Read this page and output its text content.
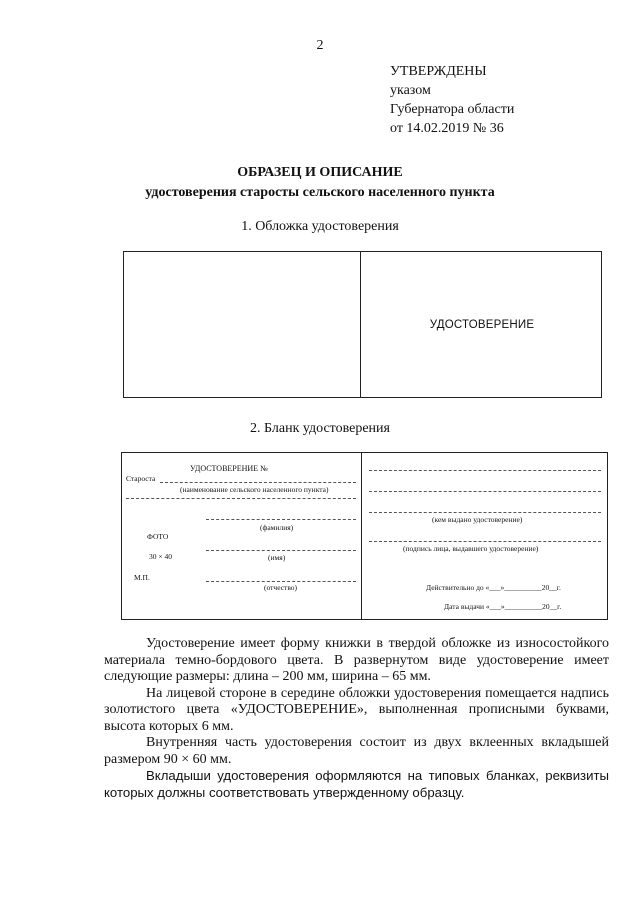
2
УТВЕРЖДЕНЫ
указом
Губернатора области
от 14.02.2019 № 36
ОБРАЗЕЦ И ОПИСАНИЕ
удостоверения старосты сельского населенного пункта
1. Обложка удостоверения
УДОСТОВЕРЕНИЕ
2. Бланк удостоверения
УДОСТОВЕРЕНИЕ №
Староста
(наименование сельского населенного пункта)
(фамилия)
ФОТО
30 × 40	(имя)
М.П.
(отчество)
(кем выдано удостоверение)
(подпись лица, выдавшего удостоверение)
Действительно до «___»__________20__г.
Дата выдачи «___»__________20__г.

Удостоверение имеет форму книжки в твердой обложке из износостойкого материала темно-бордового цвета. В развернутом виде удостоверение имеет следующие размеры: длина – 200 мм, ширина – 65 мм.

На лицевой стороне в середине обложки удостоверения помещается надпись золотистого цвета «УДОСТОВЕРЕНИЕ», выполненная прописными буквами, высота которых 6 мм.

Внутренняя часть удостоверения состоит из двух вклеенных вкладышей размером 90 × 60 мм.

Вкладыши удостоверения оформляются на типовых бланках, реквизиты которых должны соответствовать утвержденному образцу.
